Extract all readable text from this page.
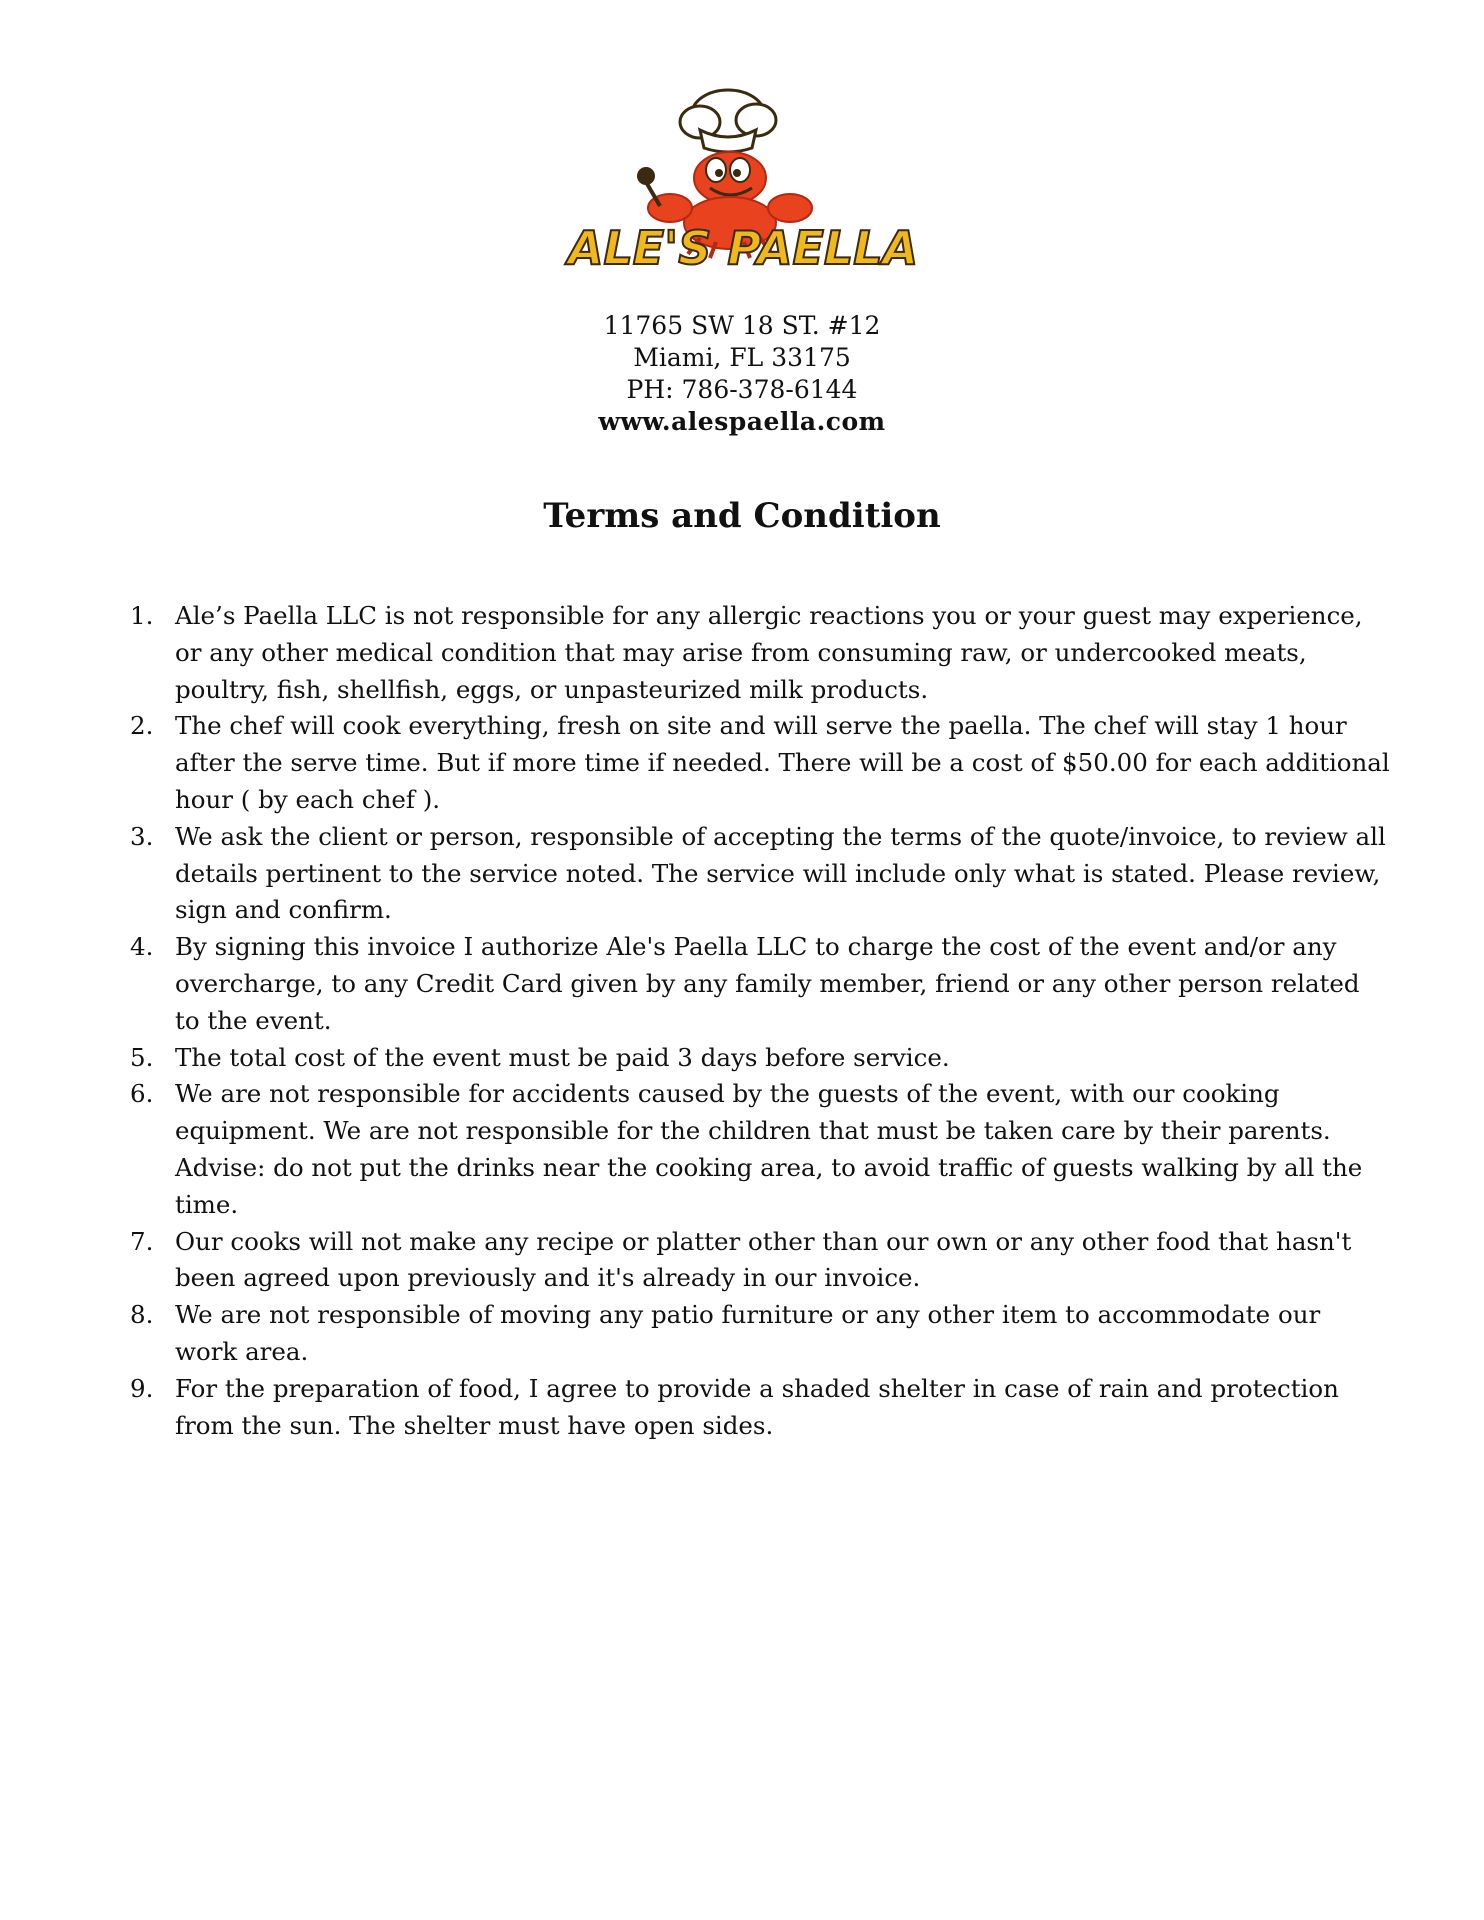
ALE'S PAELLA
11765 SW 18 ST. #12
Miami, FL 33175
PH: 786-378-6144
www.alespaella.com
Terms and Condition
1. Ale’s Paella LLC is not responsible for any allergic reactions you or your guest may experience, or any other medical condition that may arise from consuming raw, or undercooked meats, poultry, fish, shellfish, eggs, or unpasteurized milk products.
2. The chef will cook everything, fresh on site and will serve the paella. The chef will stay 1 hour after the serve time. But if more time if needed. There will be a cost of $50.00 for each additional hour ( by each chef ).
3. We ask the client or person, responsible of accepting the terms of the quote/invoice, to review all details pertinent to the service noted. The service will include only what is stated. Please review, sign and confirm.
4. By signing this invoice I authorize Ale's Paella LLC to charge the cost of the event and/or any overcharge, to any Credit Card given by any family member, friend or any other person related to the event.
5. The total cost of the event must be paid 3 days before service.
6. We are not responsible for accidents caused by the guests of the event, with our cooking equipment. We are not responsible for the children that must be taken care by their parents. Advise: do not put the drinks near the cooking area, to avoid traffic of guests walking by all the time.
7. Our cooks will not make any recipe or platter other than our own or any other food that hasn't been agreed upon previously and it's already in our invoice.
8. We are not responsible of moving any patio furniture or any other item to accommodate our work area.
9. For the preparation of food, I agree to provide a shaded shelter in case of rain and protection from the sun. The shelter must have open sides.
